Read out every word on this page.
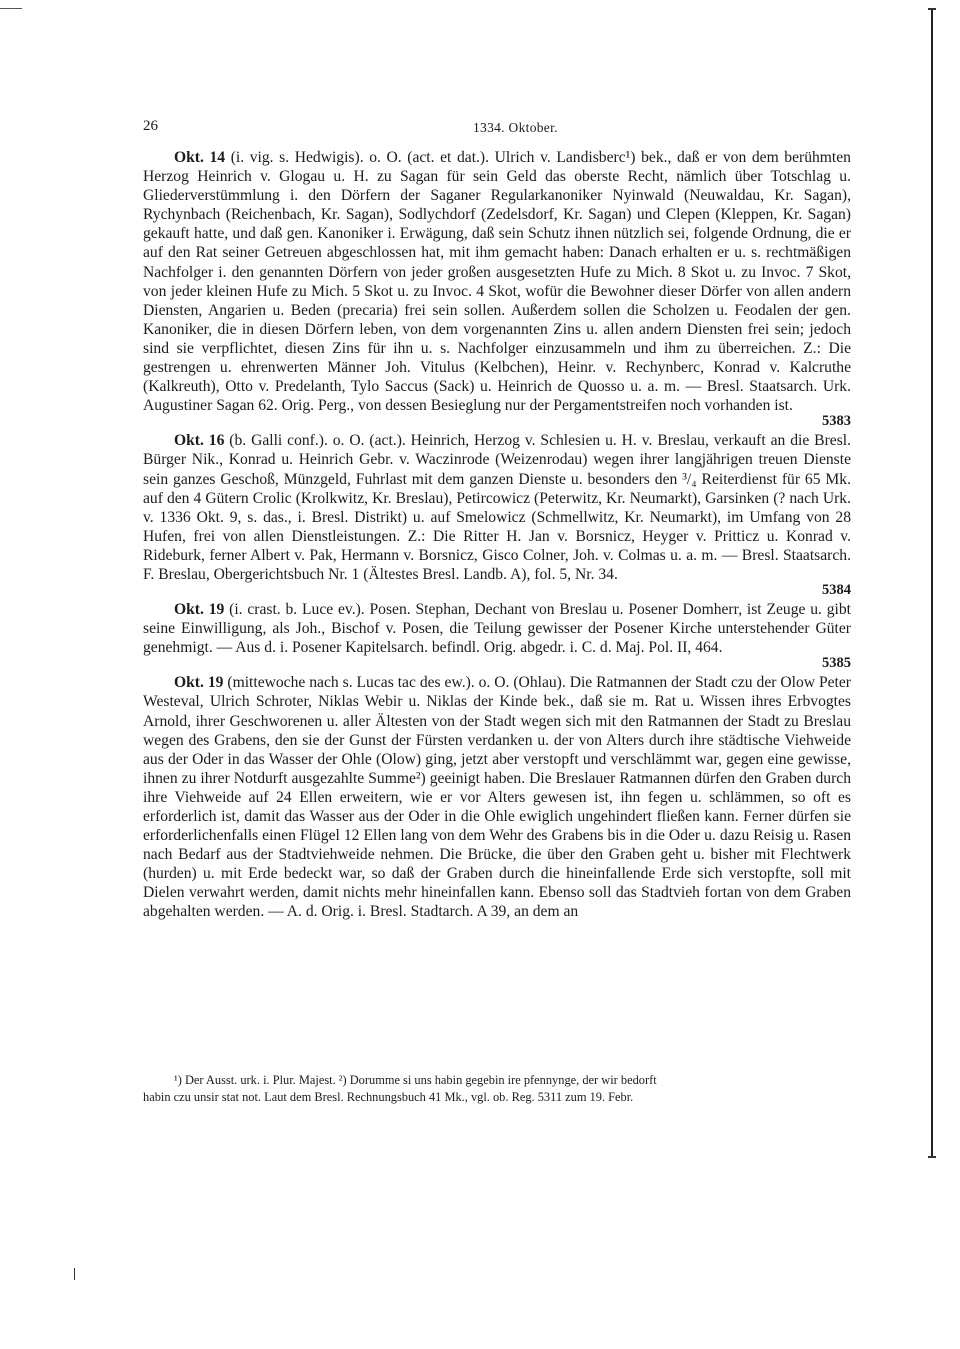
26	1334. Oktober.

Okt. 14 (i. vig. s. Hedwigis). o. O. (act. et dat.). Ulrich v. Landisberc¹) bek., daß er von dem berühmten Herzog Heinrich v. Glogau u. H. zu Sagan für sein Geld das oberste Recht, nämlich über Totschlag u. Gliederverstümmlung i. den Dörfern der Saganer Regularkanoniker Nyinwald (Neuwaldau, Kr. Sagan), Rychynbach (Reichenbach, Kr. Sagan), Sodlychdorf (Zedelsdorf, Kr. Sagan) und Clepen (Kleppen, Kr. Sagan) gekauft hatte, und daß gen. Kanoniker i. Erwägung, daß sein Schutz ihnen nützlich sei, folgende Ordnung, die er auf den Rat seiner Getreuen abgeschlossen hat, mit ihm gemacht haben: Danach erhalten er u. s. rechtmäßigen Nachfolger i. den genannten Dörfern von jeder großen ausgesetzten Hufe zu Mich. 8 Skot u. zu Invoc. 7 Skot, von jeder kleinen Hufe zu Mich. 5 Skot u. zu Invoc. 4 Skot, wofür die Bewohner dieser Dörfer von allen andern Diensten, Angarien u. Beden (precaria) frei sein sollen. Außerdem sollen die Scholzen u. Feodalen der gen. Kanoniker, die in diesen Dörfern leben, von dem vorgenannten Zins u. allen andern Diensten frei sein; jedoch sind sie verpflichtet, diesen Zins für ihn u. s. Nachfolger einzusammeln und ihm zu überreichen. Z.: Die gestrengen u. ehrenwerten Männer Joh. Vitulus (Kelbchen), Heinr. v. Rechynberc, Konrad v. Kalcruthe (Kalkreuth), Otto v. Predelanth, Tylo Saccus (Sack) u. Heinrich de Quosso u. a. m. — Bresl. Staatsarch. Urk. Augustiner Sagan 62. Orig. Perg., von dessen Besieglung nur der Pergamentstreifen noch vorhanden ist.
5383

Okt. 16 (b. Galli conf.). o. O. (act.). Heinrich, Herzog v. Schlesien u. H. v. Breslau, verkauft an die Bresl. Bürger Nik., Konrad u. Heinrich Gebr. v. Waczinrode (Weizenrodau) wegen ihrer langjährigen treuen Dienste sein ganzes Geschoß, Münzgeld, Fuhrlast mit dem ganzen Dienste u. besonders den ³/₄ Reiterdienst für 65 Mk. auf den 4 Gütern Crolic (Krolkwitz, Kr. Breslau), Petircowicz (Peterwitz, Kr. Neumarkt), Garsinken (? nach Urk. v. 1336 Okt. 9, s. das., i. Bresl. Distrikt) u. auf Smelowicz (Schmellwitz, Kr. Neumarkt), im Umfang von 28 Hufen, frei von allen Dienstleistungen. Z.: Die Ritter H. Jan v. Borsnicz, Heyger v. Pritticz u. Konrad v. Rideburk, ferner Albert v. Pak, Hermann v. Borsnicz, Gisco Colner, Joh. v. Colmas u. a. m. — Bresl. Staatsarch. F. Breslau, Obergerichtsbuch Nr. 1 (Ältestes Bresl. Landb. A), fol. 5, Nr. 34.
5384

Okt. 19 (i. crast. b. Luce ev.). Posen. Stephan, Dechant von Breslau u. Posener Domherr, ist Zeuge u. gibt seine Einwilligung, als Joh., Bischof v. Posen, die Teilung gewisser der Posener Kirche unterstehender Güter genehmigt. — Aus d. i. Posener Kapitelsarch. befindl. Orig. abgedr. i. C. d. Maj. Pol. II, 464.
5385

Okt. 19 (mittewoche nach s. Lucas tac des ew.). o. O. (Ohlau). Die Ratmannen der Stadt czu der Olow Peter Westeval, Ulrich Schroter, Niklas Webir u. Niklas der Kinde bek., daß sie m. Rat u. Wissen ihres Erbvogtes Arnold, ihrer Geschworenen u. aller Ältesten von der Stadt wegen sich mit den Ratmannen der Stadt zu Breslau wegen des Grabens, den sie der Gunst der Fürsten verdanken u. der von Alters durch ihre städtische Viehweide aus der Oder in das Wasser der Ohle (Olow) ging, jetzt aber verstopft und verschlämmt war, gegen eine gewisse, ihnen zu ihrer Notdurft ausgezahlte Summe²) geeinigt haben. Die Breslauer Ratmannen dürfen den Graben durch ihre Viehweide auf 24 Ellen erweitern, wie er vor Alters gewesen ist, ihn fegen u. schlämmen, so oft es erforderlich ist, damit das Wasser aus der Oder in die Ohle ewiglich ungehindert fließen kann. Ferner dürfen sie erforderlichenfalls einen Flügel 12 Ellen lang von dem Wehr des Grabens bis in die Oder u. dazu Reisig u. Rasen nach Bedarf aus der Stadtviehweide nehmen. Die Brücke, die über den Graben geht u. bisher mit Flechtwerk (hurden) u. mit Erde bedeckt war, so daß der Graben durch die hineinfallende Erde sich verstopfte, soll mit Dielen verwahrt werden, damit nichts mehr hineinfallen kann. Ebenso soll das Stadtvieh fortan von dem Graben abgehalten werden. — A. d. Orig. i. Bresl. Stadtarch. A 39, an dem an

¹) Der Ausst. urk. i. Plur. Majest. ²) Dorumme si uns habin gegebin ire pfennynge, der wir bedorft

habin czu unsir stat not. Laut dem Bresl. Rechnungsbuch 41 Mk., vgl. ob. Reg. 5311 zum 19. Febr.
